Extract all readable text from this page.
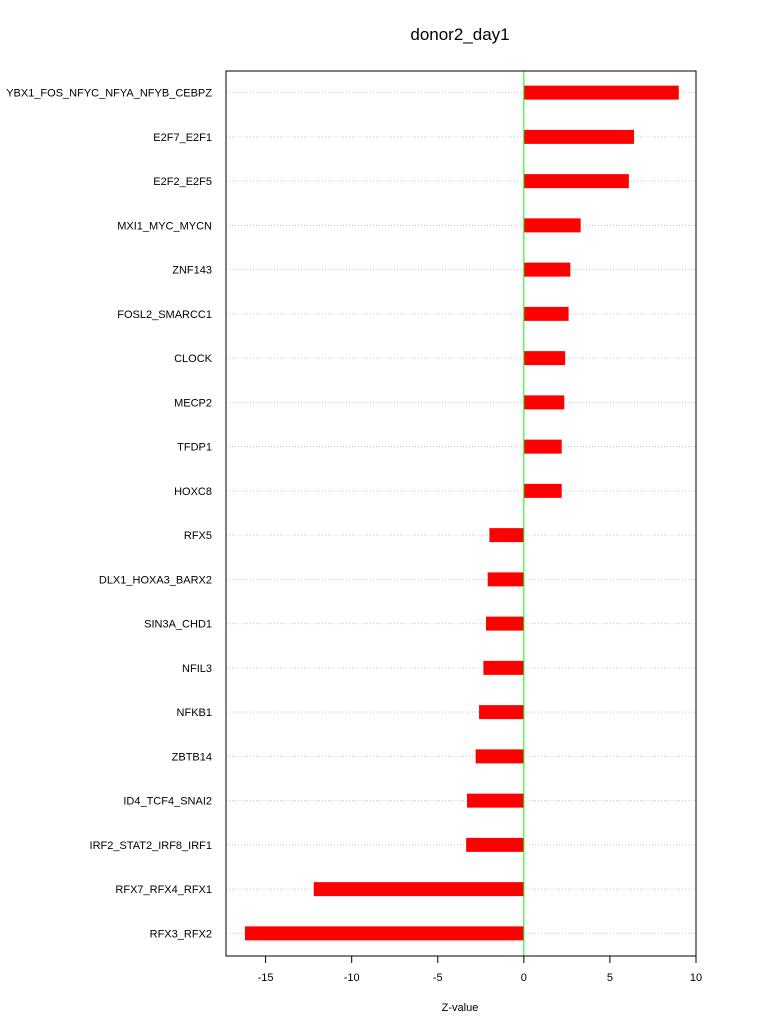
donor2_day1
YBX1_FOS_NFYC_NFYA_NFYB_CEBPZ
E2F7_E2F1
E2F2_E2F5
MXI1_MYC_MYCN
ZNF143
FOSL2_SMARCC1
CLOCK
MECP2
TFDP1
HOXC8
RFX5
DLX1_HOXA3_BARX2
SIN3A_CHD1
NFIL3
NFKB1
ZBTB14
ID4_TCF4_SNAI2
IRF2_STAT2_IRF8_IRF1
RFX7_RFX4_RFX1
RFX3_RFX2
-15	-10	-5	0	5	10
Z-value
